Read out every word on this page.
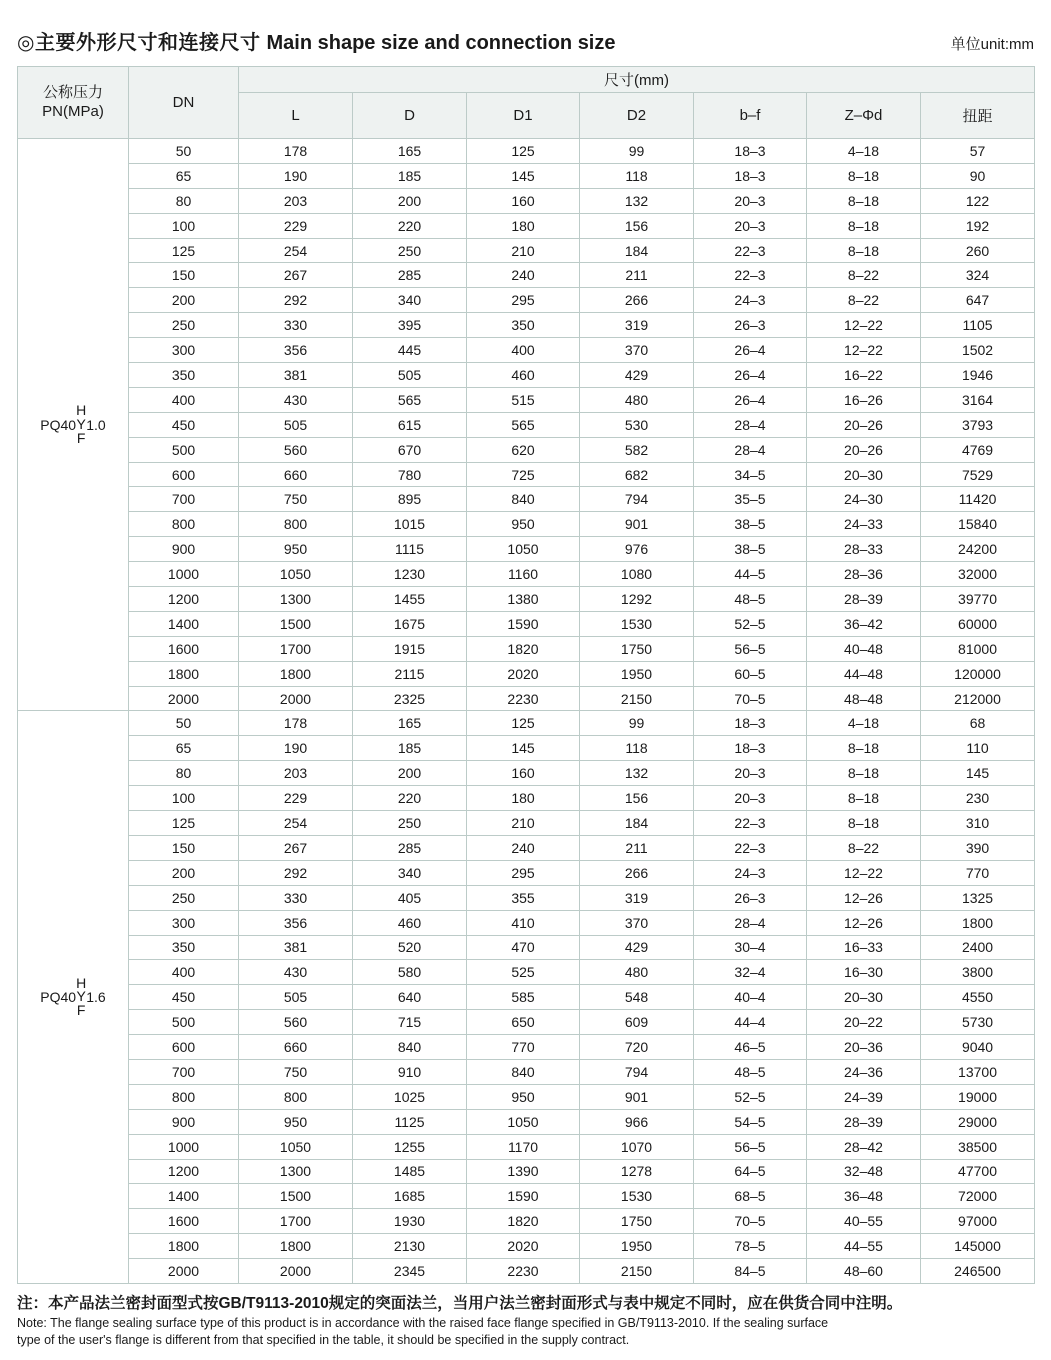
◎主要外形尺寸和连接尺寸 Main shape size and connection size	单位unit:mm
公称压力
PN(MPa)	DN	尺寸(mm)						
		L	D	D1	D2	b–f	Z–Φd	扭距

PQ40
H
Y
F
1.0	50	178	165	125	99	18–3	4–18	57
	65	190	185	145	118	18–3	8–18	90
	80	203	200	160	132	20–3	8–18	122
	100	229	220	180	156	20–3	8–18	192
	125	254	250	210	184	22–3	8–18	260
	150	267	285	240	211	22–3	8–22	324
	200	292	340	295	266	24–3	8–22	647
	250	330	395	350	319	26–3	12–22	1105
	300	356	445	400	370	26–4	12–22	1502
	350	381	505	460	429	26–4	16–22	1946
	400	430	565	515	480	26–4	16–26	3164
	450	505	615	565	530	28–4	20–26	3793
	500	560	670	620	582	28–4	20–26	4769
	600	660	780	725	682	34–5	20–30	7529
	700	750	895	840	794	35–5	24–30	11420
	800	800	1015	950	901	38–5	24–33	15840
	900	950	1115	1050	976	38–5	28–33	24200
	1000	1050	1230	1160	1080	44–5	28–36	32000
	1200	1300	1455	1380	1292	48–5	28–39	39770
	1400	1500	1675	1590	1530	52–5	36–42	60000
	1600	1700	1915	1820	1750	56–5	40–48	81000
	1800	1800	2115	2020	1950	60–5	44–48	120000
	2000	2000	2325	2230	2150	70–5	48–48	212000

PQ40
H
Y
F
1.6	50	178	165	125	99	18–3	4–18	68
	65	190	185	145	118	18–3	8–18	110
	80	203	200	160	132	20–3	8–18	145
	100	229	220	180	156	20–3	8–18	230
	125	254	250	210	184	22–3	8–18	310
	150	267	285	240	211	22–3	8–22	390
	200	292	340	295	266	24–3	12–22	770
	250	330	405	355	319	26–3	12–26	1325
	300	356	460	410	370	28–4	12–26	1800
	350	381	520	470	429	30–4	16–33	2400
	400	430	580	525	480	32–4	16–30	3800
	450	505	640	585	548	40–4	20–30	4550
	500	560	715	650	609	44–4	20–22	5730
	600	660	840	770	720	46–5	20–36	9040
	700	750	910	840	794	48–5	24–36	13700
	800	800	1025	950	901	52–5	24–39	19000
	900	950	1125	1050	966	54–5	28–39	29000
	1000	1050	1255	1170	1070	56–5	28–42	38500
	1200	1300	1485	1390	1278	64–5	32–48	47700
	1400	1500	1685	1590	1530	68–5	36–48	72000
	1600	1700	1930	1820	1750	70–5	40–55	97000
	1800	1800	2130	2020	1950	78–5	44–55	145000
	2000	2000	2345	2230	2150	84–5	48–60	246500
注：本产品法兰密封面型式按GB/T9113-2010规定的突面法兰，当用户法兰密封面形式与表中规定不同时，应在供货合同中注明。
Note: The flange sealing surface type of this product is in accordance with the raised face flange specified in GB/T9113-2010. If the sealing surface
type of the user's flange is different from that specified in the table, it should be specified in the supply contract.
